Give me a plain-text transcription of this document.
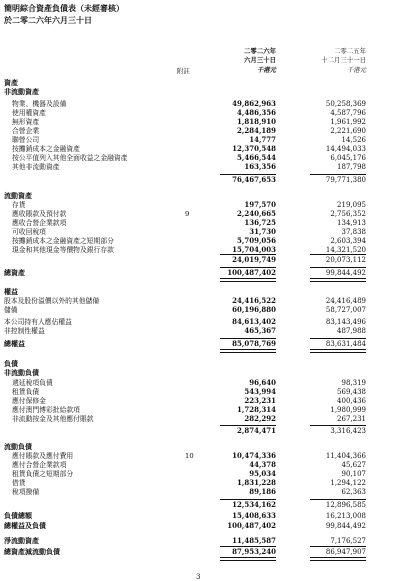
簡明綜合資產負債表（未經審核）
於二零二六年六月三十日
附註
二零二六年
六月三十日
千港元
二零二五年
十二月三十一日
千港元
資產
非流動資產
物業、機器及設備	49,862,963	50,258,369
使用權資產	4,486,356	4,587,796
無形資產	1,818,910	1,961,992
合營企業	2,284,189	2,221,690
聯營公司	14,777	14,526
按攤銷成本之金融資產	12,370,548	14,494,033
按公平值列入其他全面收益之金融資產	5,466,544	6,045,176
其他非流動資產	163,356	187,798
76,467,653	79,771,380
流動資產
存貨	197,570	219,095
應收賬款及預付款	9	2,240,665	2,756,352
應收合營企業款項	136,725	134,913
可收回稅項	31,730	37,838
按攤銷成本之金融資產之短期部分	5,709,056	2,603,394
現金和其他現金等價物及銀行存款	15,704,003	14,321,520
24,019,749	20,073,112
總資產	100,487,402	99,844,492
權益
股本及股份溢價以外的其他儲備	24,416,522	24,416,489
儲備	60,196,880	58,727,007
本公司持有人應佔權益	84,613,402	83,143,496
非控制性權益	465,367	487,988
總權益	85,078,769	83,631,484
負債
非流動負債
遞延稅項負債	96,640	98,319
租賃負債	543,994	569,438
應付保修金	223,231	400,436
應付澳門博彩批給款項	1,728,314	1,980,999
非流動按金及其他應付賬款	282,292	267,231
2,874,471	3,316,423
流動負債
應付賬款及應付費用	10	10,474,336	11,404,366
應付合營企業款項	44,378	45,627
租賃負債之短期部分	95,034	90,107
借貸	1,831,228	1,294,122
稅項撥備	89,186	62,363
12,534,162	12,896,585
負債總額	15,408,633	16,213,008
總權益及負債	100,487,402	99,844,492
淨流動資產	11,485,587	7,176,527
總資產減流動負債	87,953,240	86,947,907
3
